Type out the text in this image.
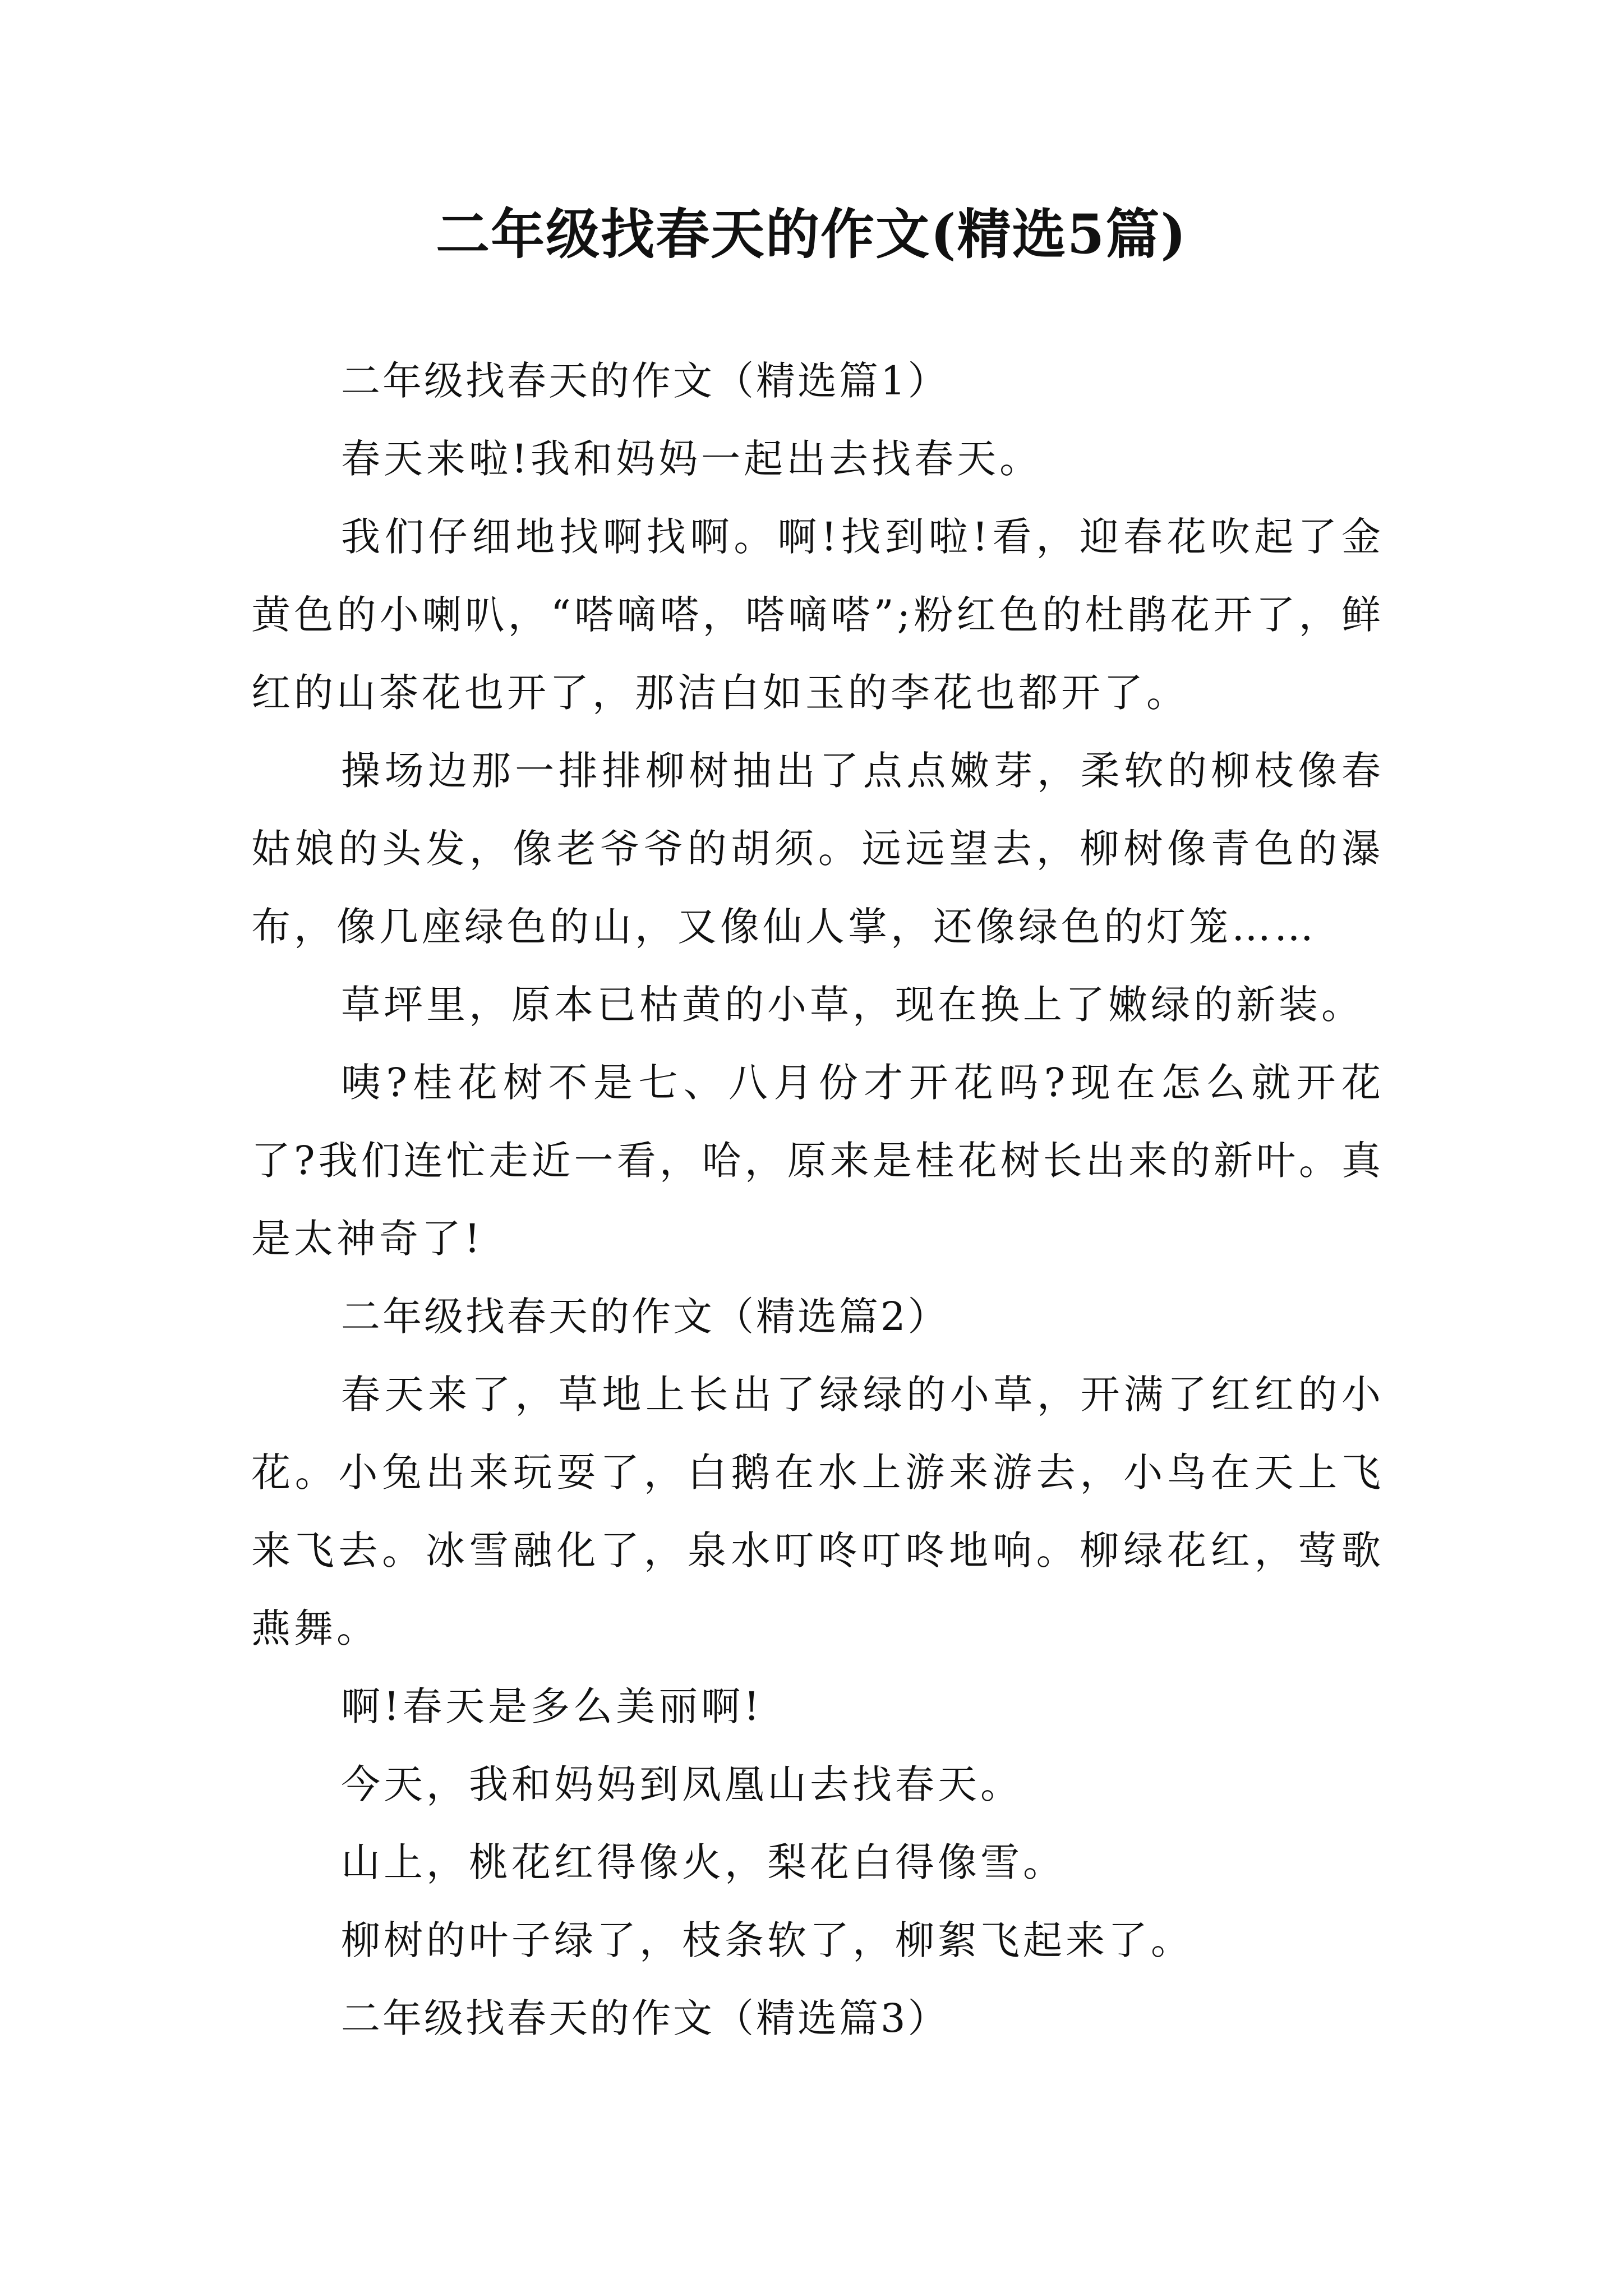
二年级找春天的作文(精选5篇)

二年级找春天的作文（精选篇1）

春天来啦!我和妈妈一起出去找春天。

我们仔细地找啊找啊。啊!找到啦!看，迎春花吹起了金黄色的小喇叭，“嗒嘀嗒，嗒嘀嗒”;粉红色的杜鹃花开了，鲜红的山茶花也开了，那洁白如玉的李花也都开了。

操场边那一排排柳树抽出了点点嫩芽，柔软的柳枝像春姑娘的头发，像老爷爷的胡须。远远望去，柳树像青色的瀑布，像几座绿色的山，又像仙人掌，还像绿色的灯笼……

草坪里，原本已枯黄的小草，现在换上了嫩绿的新装。

咦?桂花树不是七、八月份才开花吗?现在怎么就开花了?我们连忙走近一看，哈，原来是桂花树长出来的新叶。真是太神奇了!

二年级找春天的作文（精选篇2）

春天来了，草地上长出了绿绿的小草，开满了红红的小花。小兔出来玩耍了，白鹅在水上游来游去，小鸟在天上飞来飞去。冰雪融化了，泉水叮咚叮咚地响。柳绿花红，莺歌燕舞。

啊!春天是多么美丽啊!

今天，我和妈妈到凤凰山去找春天。

山上，桃花红得像火，梨花白得像雪。

柳树的叶子绿了，枝条软了，柳絮飞起来了。

二年级找春天的作文（精选篇3）
